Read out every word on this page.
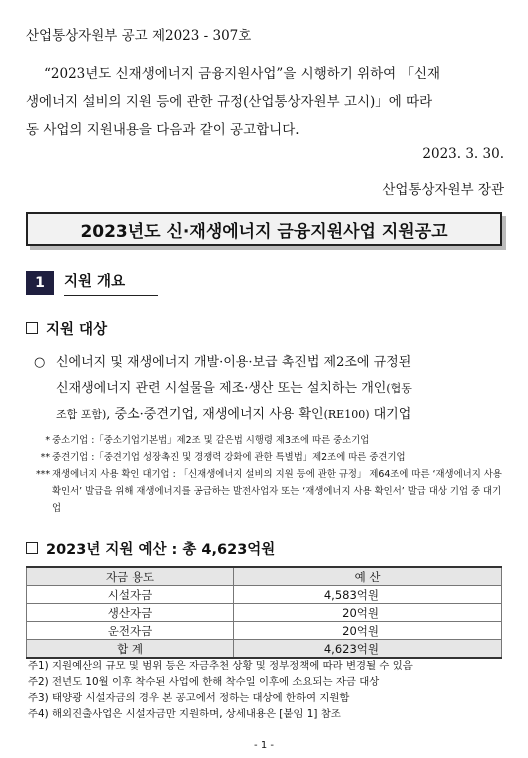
산업통상자원부 공고 제2023 - 307호
“2023년도 신재생에너지 금융지원사업”을 시행하기 위하여 「신재
생에너지 설비의 지원 등에 관한 규정(산업통상자원부 고시)」에 따라
동 사업의 지원내용을 다음과 같이 공고합니다.
2023. 3. 30.
산업통상자원부 장관
2023년도 신·재생에너지 금융지원사업 지원공고
1	지원 개요
지원 대상
○ 신에너지 및 재생에너지 개발·이용·보급 촉진법 제2조에 규정된
신재생에너지 관련 시설물을 제조·생산 또는 설치하는 개인(협동
조합 포함), 중소·중견기업, 재생에너지 사용 확인(RE100) 대기업
* 중소기업 :「중소기업기본법」제2조 및 같은법 시행령 제3조에 따른 중소기업
** 중견기업 :「중견기업 성장촉진 및 경쟁력 강화에 관한 특별법」제2조에 따른 중견기업
*** 재생에너지 사용 확인 대기업 : 「신재생에너지 설비의 지원 등에 관한 규정」 제64조에 따른 ‘재생에너지 사용 확인서’ 발급을 위해 재생에너지를 공급하는 발전사업자 또는 ‘재생에너지 사용 확인서’ 발급 대상 기업 중 대기업
2023년 지원 예산 : 총 4,623억원
자금 용도	예 산
시설자금	4,583억원
생산자금	20억원
운전자금	20억원
합 계	4,623억원
주1) 지원예산의 규모 및 범위 등은 자금추천 상황 및 정부정책에 따라 변경될 수 있음
주2) 전년도 10월 이후 착수된 사업에 한해 착수일 이후에 소요되는 자금 대상
주3) 태양광 시설자금의 경우 본 공고에서 정하는 대상에 한하여 지원함
주4) 해외진출사업은 시설자금만 지원하며, 상세내용은 [붙임 1] 참조
- 1 -
